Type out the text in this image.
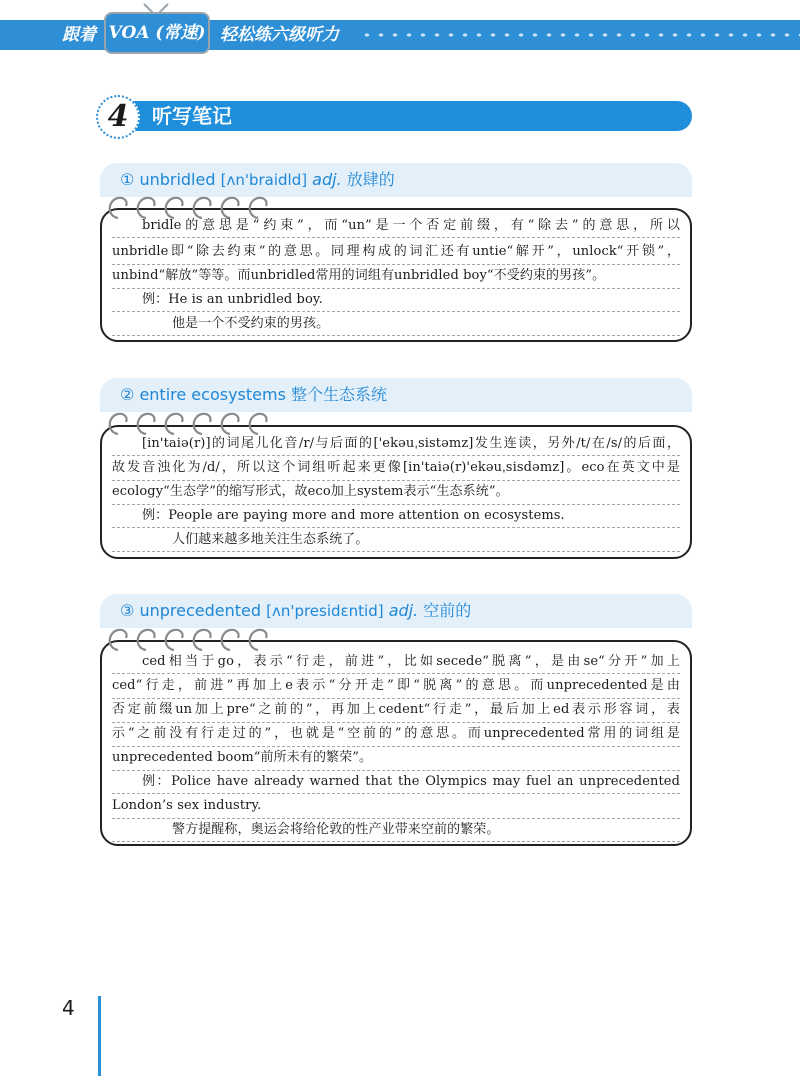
跟着 VOA (常速) 轻松练六级听力
4	听写笔记
① unbridled [ʌn'braidld] adj. 放肆的
bridle的意思是“约束”，而“un”是一个否定前缀，有“除去”的意思，所以
unbridle即“除去约束”的意思。同理构成的词汇还有untie“解开”，unlock“开锁”，
unbind“解放”等等。而unbridled常用的词组有unbridled boy“不受约束的男孩”。
例：He is an unbridled boy.
他是一个不受约束的男孩。
② entire ecosystems 整个生态系统
[in'taiə(r)]的词尾儿化音/r/与后面的['ekəuˌsistəmz]发生连读，另外/t/在/s/的后面，
故发音浊化为/d/，所以这个词组听起来更像[in'taiə(r)'ekəuˌsisdəmz]。eco在英文中是
ecology“生态学”的缩写形式，故eco加上system表示“生态系统”。
例：People are paying more and more attention on ecosystems.
人们越来越多地关注生态系统了。
③ unprecedented [ʌn'presidɛntid] adj. 空前的
ced相当于go，表示“行走，前进”，比如secede“脱离”，是由se“分开”加上
ced“行走，前进”再加上e表示“分开走”即“脱离”的意思。而unprecedented是由
否定前缀un加上pre“之前的”，再加上cedent“行走”，最后加上ed表示形容词，表
示“之前没有行走过的”，也就是“空前的”的意思。而unprecedented常用的词组是
unprecedented boom“前所未有的繁荣”。
例：Police have already warned that the Olympics may fuel an unprecedented
London’s sex industry.
警方提醒称，奥运会将给伦敦的性产业带来空前的繁荣。
4
